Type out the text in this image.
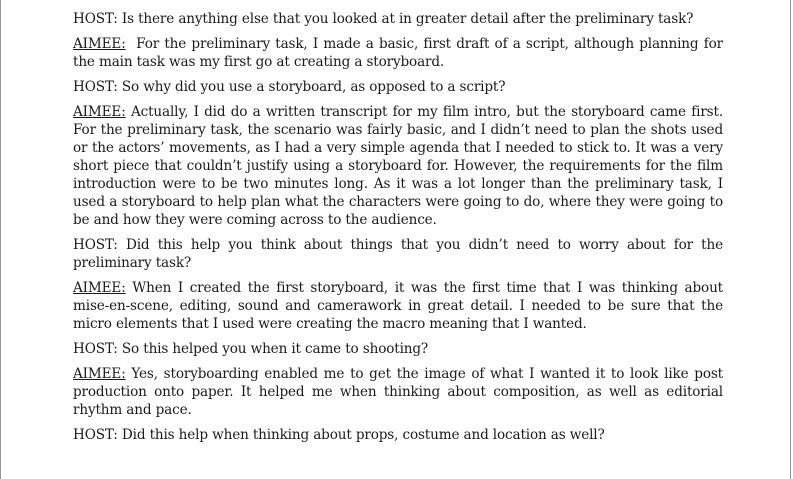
HOST: Is there anything else that you looked at in greater detail after the preliminary task?

AIMEE:  For the preliminary task, I made a basic, first draft of a script, although planning for the main task was my first go at creating a storyboard.

HOST: So why did you use a storyboard, as opposed to a script?

AIMEE: Actually, I did do a written transcript for my film intro, but the storyboard came first. For the preliminary task, the scenario was fairly basic, and I didn’t need to plan the shots used or the actors’ movements, as I had a very simple agenda that I needed to stick to. It was a very short piece that couldn’t justify using a storyboard for. However, the requirements for the film introduction were to be two minutes long. As it was a lot longer than the preliminary task, I used a storyboard to help plan what the characters were going to do, where they were going to be and how they were coming across to the audience.

HOST: Did this help you think about things that you didn’t need to worry about for the preliminary task?

AIMEE: When I created the first storyboard, it was the first time that I was thinking about mise-en-scene, editing, sound and camerawork in great detail. I needed to be sure that the micro elements that I used were creating the macro meaning that I wanted.

HOST: So this helped you when it came to shooting?

AIMEE: Yes, storyboarding enabled me to get the image of what I wanted it to look like post production onto paper. It helped me when thinking about composition, as well as editorial rhythm and pace.

HOST: Did this help when thinking about props, costume and location as well?
